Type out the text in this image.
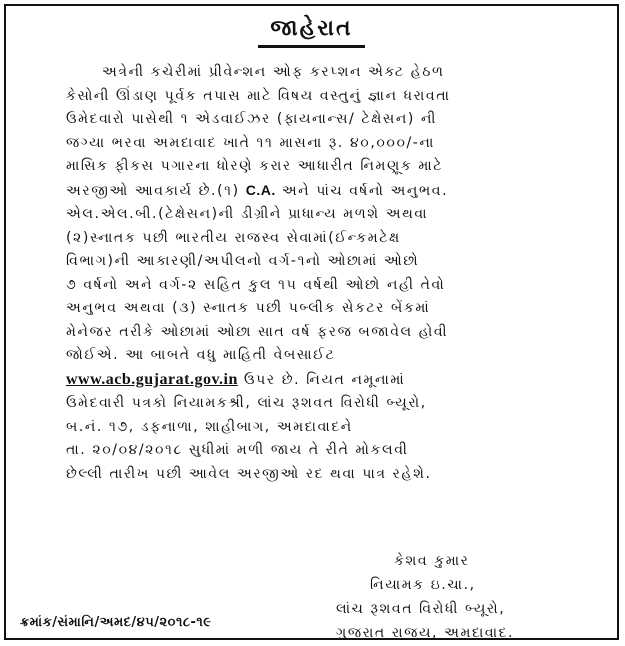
જાહેરાત
અત્રેની કચેરીમાં પ્રીવેન્શન ઓફ કરપ્શન એક્ટ હેઠળ
કેસોની ઊંડાણ પૂર્વક તપાસ માટે વિષય વસ્તુનું જ્ઞાન ધરાવતા
ઉમેદવારો પાસેથી ૧ એડવાઈઝર (ફાયનાન્સ/ ટેક્ષેસન) ની
જગ્યા ભરવા અમદાવાદ ખાતે ૧૧ માસના રૂ. ૪૦,૦૦૦/-ના
માસિક ફીકસ પગારના ધોરણે કરાર આધારીત નિમણૂક માટે
અરજીઓ આવકાર્ય છે.(૧) C.A. અને પાંચ વર્ષનો અનુભવ.
એલ.એલ.બી.(ટેક્ષેસન)ની ડીગ્રીને પ્રાધાન્ય મળશે અથવા
(૨)સ્નાતક પછી ભારતીય રાજસ્વ સેવામાં(ઈન્કમટેક્ષ
વિભાગ)ની આકારણી/અપીલનો વર્ગ-૧નો ઓછામાં ઓછો
૭ વર્ષનો અને વર્ગ-૨ સહિત કુલ ૧૫ વર્ષથી ઓછો નહી તેવો
અનુભવ અથવા (૩) સ્નાતક પછી પબ્લીક સેકટર બેંકમાં
મેનેજર તરીકે ઓછામાં ઓછા સાત વર્ષ ફરજ બજાવેલ હોવી
જોઈએ. આ બાબતે વધુ માહિતી વેબસાઈટ
www.acb.gujarat.gov.in ઉપર છે. નિયત નમૂનામાં
ઉમેદવારી પત્રકો નિયામકશ્રી, લાંચ રૂશવત વિરોધી બ્યૂરો,
બ.નં. ૧૭, ડફનાળા, શાહીબાગ, અમદાવાદને
તા. ૨૦/૦૪/૨૦૧૮ સુધીમાં મળી જાય તે રીતે મોકલવી
છેલ્લી તારીખ પછી આવેલ અરજીઓ રદ થવા પાત્ર રહેશે.
કેશવ કુમાર
નિયામક ઇ.ચા.,
લાંચ રૂશવત વિરોધી બ્યૂરો,
ગુજરાત રાજય, અમદાવાદ.
ક્રમાંક/સંમાનિ/અમદ/૪૫/૨૦૧૮-૧૯
